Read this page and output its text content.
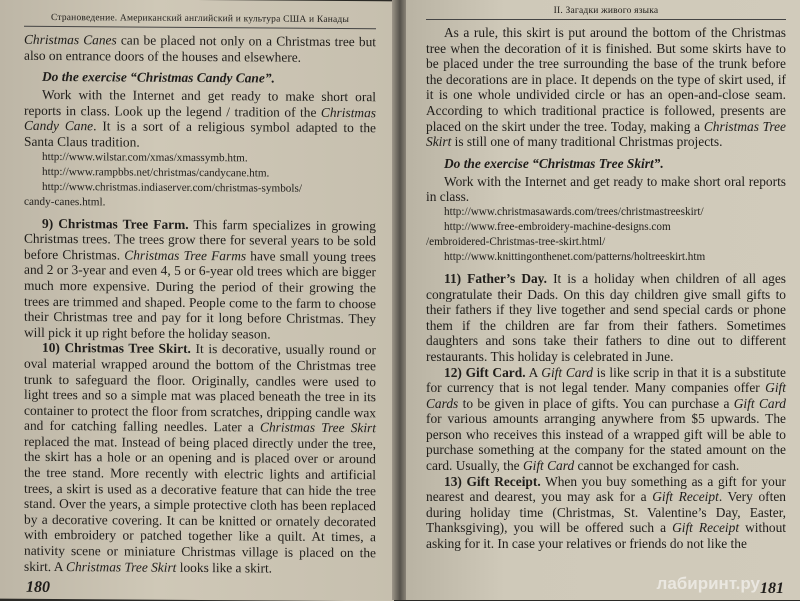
Страноведение. Американский английский и культура США и Канады

Christmas Canes can be placed not only on a Christmas tree but also on entrance doors of the houses and elsewhere.

Do the exercise “Christmas Candy Cane”.

Work with the Internet and get ready to make short oral reports in class. Look up the legend / tradition of the Christmas Candy Cane. It is a sort of a religious symbol adapted to the Santa Claus tradition.

http://www.wilstar.com/xmas/xmassymb.htm.
http://www.rampbbs.net/christmas/candycane.htm.
http://www.christmas.indiaserver.com/christmas-symbols/
candy-canes.html.

9) Christmas Tree Farm. This farm specializes in growing Christmas trees. The trees grow there for several years to be sold before Christmas. Christmas Tree Farms have small young trees and 2 or 3-year and even 4, 5 or 6-year old trees which are bigger much more expensive. During the period of their growing the trees are trimmed and shaped. People come to the farm to choose their Christmas tree and pay for it long before Christmas. They will pick it up right before the holiday season.

10) Christmas Tree Skirt. It is decorative, usually round or oval material wrapped around the bottom of the Christmas tree trunk to safeguard the floor. Originally, candles were used to light trees and so a simple mat was placed beneath the tree in its container to protect the floor from scratches, dripping candle wax and for catching falling needles. Later a Christmas Tree Skirt replaced the mat. Instead of being placed directly under the tree, the skirt has a hole or an opening and is placed over or around the tree stand. More recently with electric lights and artificial trees, a skirt is used as a decorative feature that can hide the tree stand. Over the years, a simple protective cloth has been replaced by a decorative covering. It can be knitted or ornately decorated with embroidery or patched together like a quilt. At times, a nativity scene or miniature Christmas village is placed on the skirt. A Christmas Tree Skirt looks like a skirt.

180
II. Загадки живого языка

As a rule, this skirt is put around the bottom of the Christmas tree when the decoration of it is finished. But some skirts have to be placed under the tree surrounding the base of the trunk before the decorations are in place. It depends on the type of skirt used, if it is one whole undivided circle or has an open-and-close seam. According to which traditional practice is followed, presents are placed on the skirt under the tree. Today, making a Christmas Tree Skirt is still one of many traditional Christmas projects.

Do the exercise “Christmas Tree Skirt”.

Work with the Internet and get ready to make short oral reports in class.

http://www.christmasawards.com/trees/christmastreeskirt/
http://www.free-embroidery-machine-designs.com
/embroidered-Christmas-tree-skirt.html/
http://www.knittingonthenet.com/patterns/holtreeskirt.htm

11) Father’s Day. It is a holiday when children of all ages congratulate their Dads. On this day children give small gifts to their fathers if they live together and send special cards or phone them if the children are far from their fathers. Sometimes daughters and sons take their fathers to dine out to different restaurants. This holiday is celebrated in June.

12) Gift Card. A Gift Card is like scrip in that it is a substitute for currency that is not legal tender. Many companies offer Gift Cards to be given in place of gifts. You can purchase a Gift Card for various amounts arranging anywhere from $5 upwards. The person who receives this instead of a wrapped gift will be able to purchase something at the company for the stated amount on the card. Usually, the Gift Card cannot be exchanged for cash.

13) Gift Receipt. When you buy something as a gift for your nearest and dearest, you may ask for a Gift Receipt. Very often during holiday time (Christmas, St. Valentine’s Day, Easter, Thanksgiving), you will be offered such a Gift Receipt without asking for it. In case your relatives or friends do not like the

181
лабиринт.ру
